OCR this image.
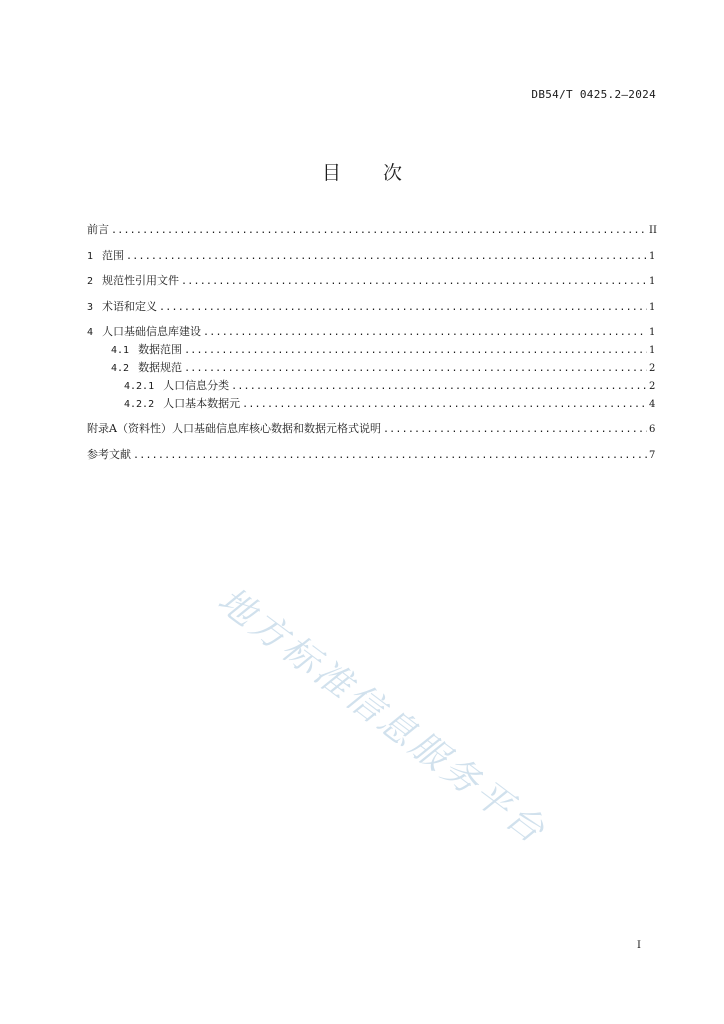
DB54/T 0425.2—2024
目次
前言 .....	II
1 范围 .....	1
2 规范性引用文件 .....	1
3 术语和定义 .....	1
4 人口基础信息库建设 .....	1
4.1 数据范围 .....	1
4.2 数据规范 .....	2
4.2.1 人口信息分类 .....	2
4.2.2 人口基本数据元 .....	4
附录A（资料性）人口基础信息库核心数据和数据元格式说明 .....	6
参考文献 .....	7
地方标准信息服务平台
I
